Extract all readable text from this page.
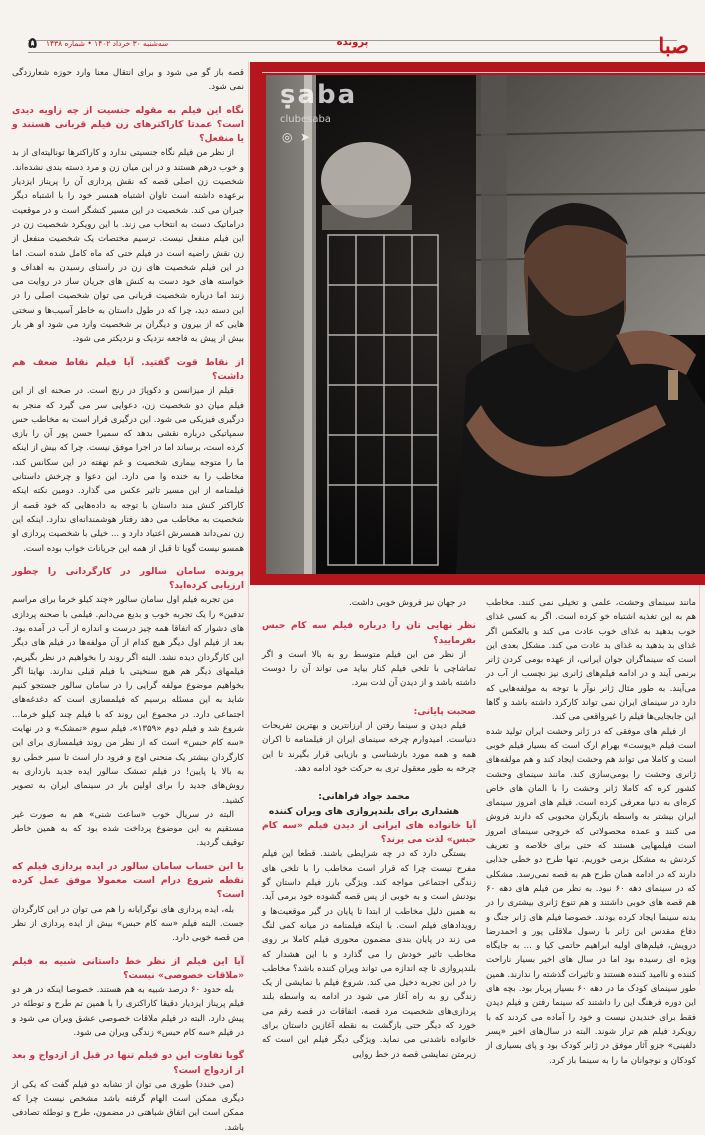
صبا
پرونده
سه‌شنبه ۳۰ خرداد ۱۴۰۲ • شماره ۱۴۳۸
۵

قصه باز گو می شود و برای انتقال معنا وارد حوزه شعارزدگی نمی شود.

نگاه این فیلم به مقوله جنسیت از چه زاویه دیدی است؟ عمدتا کاراکترهای زن فیلم قربانی هستند و یا منفعل؟

از نظر من فیلم نگاه جنسیتی ندارد و کاراکترها تونالیته‌ای از بد و خوب درهم هستند و در این میان زن و مرد دسته بندی نشده‌اند. شخصیت زن اصلی قصه که نقش پردازی آن را پریناز ایزدیار برعهده داشته است تاوان اشتباه همسر خود را با اشتباه دیگر جبران می کند. شخصیت در این مسیر کنشگر است و در موقعیت دراماتیک دست به انتخاب می زند. با این رویکرد شخصیت زن در این فیلم منفعل نیست. ترسیم مختصات یک شخصیت منفعل از زن نقش راضیه است در فیلم حتی که ماه کامل شده است. اما در این فیلم شخصیت های زن در راستای رسیدن به اهداف و خواسته های خود دست به کنش های جریان ساز در روایت می زنند اما درباره شخصیت قربانی می توان شخصیت اصلی را در این دسته دید، چرا که در طول داستان به خاطر آسیب‌ها و سختی هایی که از بیرون و دیگران بر شخصیت وارد می شود او هر بار بیش از پیش به فاجعه نزدیک و نزدیکتر می شود.

از نقاط قوت گفتید. آیا فیلم نقاط ضعف هم داشت؟

فیلم از میزانسن و دکوپاژ در رنج است. در صحنه ای از این فیلم میان دو شخصیت زن، دعوایی سر می گیرد که منجر به درگیری فیزیکی می شود. این درگیری قرار است به مخاطب حس سمپاتیکی درباره نقشی بدهد که سمیرا حسن پور آن را بازی کرده است، برساند اما در اجرا موفق نیست. چرا که بیش از اینکه ما را متوجه بیماری شخصیت و غم نهفته در این سکانس کند، مخاطب را به خنده وا می دارد. این دعوا و چرخش داستانی فیلمنامه از این مسیر تاثیر عکس می گذارد. دومین نکته اینکه کاراکتر کنش مند داستان با توجه به داده‌هایی که خود قصه از شخصیت به مخاطب می دهد رفتار هوشمندانه‌ای ندارد. اینکه این زن نمی‌داند همسرش اعتیاد دارد و ... خیلی با شخصیت پردازی او همسو نیست گویا تا قبل از همه این جریانات خواب بوده است.

پرونده سامان سالور در کارگردانی را چطور ارزیابی کرده‌اید؟

من تجربه فیلم اول سامان سالور «چند کیلو خرما برای مراسم تدفین» را یک تجربه خوب و بدیع می‌دانم. فیلمی با صحنه پردازی های دشوار که اتفاقا همه چیز درست و اندازه از آب در آمده بود. بعد از فیلم اول دیگر هیچ کدام از آن مولفه‌ها در فیلم های دیگر این کارگردان دیده نشد. البته اگر روند را بخواهیم در نظر بگیریم، فیلمهای دیگر هم هیچ سنخیتی با فیلم قبلی ندارند. نهایتا اگر بخواهیم موضوع مولفه گرایی را در سامان سالور جستجو کنیم شاید به این مسئله برسیم که فیلمسازی است که دغدغه‌های اجتماعی دارد. در مجموع این روند که با فیلم چند کیلو خرما... شروع شد و فیلم دوم «۱۳۵۹»، فیلم سوم «تمشک» و در نهایت «سه کام حبس» است که از نظر من روند فیلمسازی برای این کارگردان بیشتر یک منحنی اوج و فرود دار است تا سیر خطی رو به بالا یا پایین! در فیلم تمشک سالور ایده جدید بارداری به روش‌های جدید را برای اولین بار در سینمای ایران به تصویر کشید.

البته در سریال خوب «ساعت شنی» هم به صورت غیر مستقیم به این موضوع پرداخت شده بود که به همین خاطر توقیف گردید.

با این حساب سامان سالور در ایده پردازی فیلم که نقطه شروع درام است معمولا موفق عمل کرده است؟

بله، ایده پردازی های نوگرایانه را هم می توان در این کارگردان جست. البته فیلم «سه کام حبس» بیش از ایده پردازی از نظر من قصه خوبی دارد.

آیا این فیلم از نظر خط داستانی شبیه به فیلم «ملاقات خصوصی» نیست؟

بله حدود ۶۰ درصد شبیه به هم هستند. خصوصا اینکه در هر دو فیلم پریناز ایزدیار دقیقا کاراکتری را با همین تم طرح و توطئه در پیش دارد. البته در فیلم ملاقات خصوصی عشق ویران می شود و در فیلم «سه کام حبس» زندگی ویران می شود.

گویا تفاوت این دو فیلم تنها در قبل از ازدواج و بعد از ازدواج است؟

(می خندد) طوری می توان از تشابه دو فیلم گفت که یکی از دیگری ممکن است الهام گرفته باشد مشخص نیست چرا که ممکن است این اتفاق شباهتی در مضمون، طرح و توطئه تصادفی باشد.

در جهان نیز فروش خوبی داشت.

نظر نهایی تان را درباره فیلم سه کام حبس بفرمایید؟

از نظر من این فیلم متوسط رو به بالا است و اگر تماشاچی با تلخی فیلم کنار بیاید می تواند آن را دوست داشته باشد و از دیدن آن لذت ببرد.

صحبت پایانی:

فیلم دیدن و سینما رفتن از ارزانترین و بهترین تفریحات دنیاست. امیدوارم چرخه سینمای ایران از فیلمنامه تا اکران همه و همه مورد بازشناسی و بازیابی قرار بگیرند تا این چرخه به طور معقول تری به حرکت خود ادامه دهد.

محمد جواد فراهانی:

هشداری برای بلندپروازی های ویران کننده

آیا خانواده های ایرانی از دیدن فیلم «سه کام حبس» لذت می برند؟

بستگی دارد که در چه شرایطی باشند. قطعا این فیلم مفرح نیست چرا که قرار است مخاطب را با تلخی های زندگی اجتماعی مواجه کند. ویژگی بارز فیلم داستان گو بودنش است و به خوبی از پس قصه گشوده خود برمی آید. به همین دلیل مخاطب از ابتدا تا پایان در گیر موقعیت‌ها و رویدادهای فیلم است. با اینکه فیلمنامه در میانه کمی لنگ می زند در پایان بندی مضمون محوری فیلم کاملا بر روی مخاطب تاثیر خودش را می گذارد و با این هشدار که بلندپروازی تا چه اندازه می تواند ویران کننده باشد؟ مخاطب را در این تجربه دخیل می کند. شروع فیلم با نمایشی از یک زندگی رو به راه آغاز می شود در ادامه به واسطه بلند پردازی‌های شخصیت مرد قصه، اتفاقات در قصه رقم می خورد که دیگر حتی بازگشت به نقطه آغازین داستان برای خانواده ناشدنی می نماید. ویژگی دیگر فیلم این است که زیرمتن نمایشی قصه در خط روایی

مانند سینمای وحشت، علمی و تخیلی نمی کنند. مخاطب هم به این تغذیه اشتباه خو کرده است. اگر به کسی غذای خوب بدهید به غذای خوب عادت می کند و بالعکس اگر غذای بد بدهید به غذای بد عادت می کند. مشکل بعدی این است که سینماگران جوان ایرانی، از عهده بومی کردن ژانر برنمی آیند و در ادامه فیلم‌های ژانری نیز نچسب از آب در می‌آیند. به طور مثال ژانر نوآر با توجه به مولفه‌هایی که دارد در سینمای ایران نمی تواند کارکرد داشته باشد و گاها این جابجایی‌ها فیلم را غیرواقعی می کند.

از فیلم های موفقی که در ژانر وحشت ایران تولید شده است فیلم «پوست» بهرام ارک است که بسیار فیلم خوبی است و کاملا می تواند هم وحشت ایجاد کند و هم مولفه‌های ژانری وحشت را بومی‌سازی کند. مانند سینمای وحشت کشور کره که کاملا ژانر وحشت را با المان های خاص کره‌ای به دنیا معرفی کرده است. فیلم های امروز سینمای ایران بیشتر به واسطه بازیگران محبوبی که دارند فروش می کنند و عمده محصولاتی که خروجی سینمای امروز است فیلمهایی هستند که حتی برای خلاصه و تعریف کردنش به مشکل برمی خوریم. تنها طرح دو خطی جذابی دارند که در ادامه همان طرح هم به قصه نمی‌رسد. مشکلی که در سینمای دهه ۶۰ نبود. به نظر من فیلم های دهه ۶۰ هم قصه های خوبی داشتند و هم تنوع ژانری بیشتری را در بدنه سینما ایجاد کرده بودند. خصوصا فیلم های ژانر جنگ و دفاع مقدس این ژانر با رسول ملاقلی پور و احمدرضا درویش، فیلم‌های اولیه ابراهیم حاتمی کیا و ... به جایگاه ویژه ای رسیده بود اما در سال های اخیر بسیار ناراحت کننده و ناامید کننده هستند و تاثیرات گذشته را ندارند. همین طور سینمای کودک ما در دهه ۶۰ بسیار پربار بود. بچه های این دوره فرهنگ این را داشتند که سینما رفتن و فیلم دیدن فقط برای خندیدن نیست و خود را آماده می کردند که با رویکرد فیلم هم تراز شوند. البته در سال‌های اخیر «پسر دلفینی» جزو آثار موفق در ژانر کودک بود و پای بسیاری از کودکان و نوجوانان ما را به سینما باز کرد.

ṣaba
clubesaba
◎ ➤
